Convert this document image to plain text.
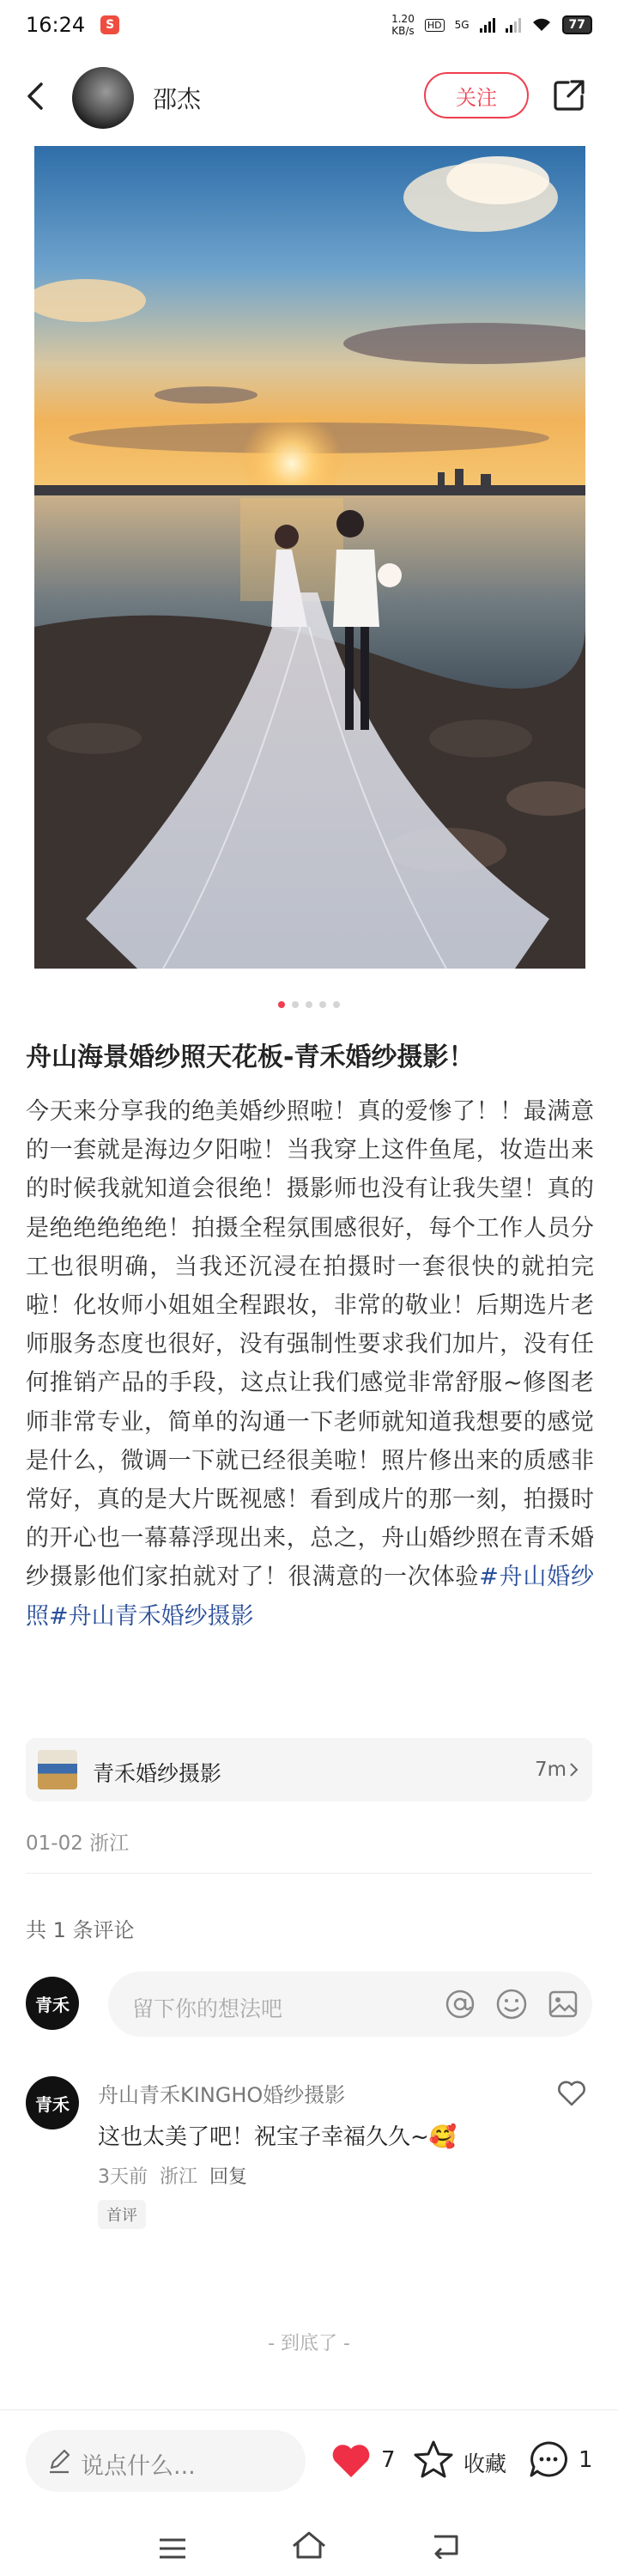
16:24	S	1.20
KB/s HD 5G	77
邵杰	关注
舟山海景婚纱照天花板-青禾婚纱摄影！
今天来分享我的绝美婚纱照啦！真的爱惨了！！最满意的一套就是海边夕阳啦！当我穿上这件鱼尾，妆造出来的时候我就知道会很绝！摄影师也没有让我失望！真的是绝绝绝绝绝！拍摄全程氛围感很好，每个工作人员分工也很明确，当我还沉浸在拍摄时一套很快的就拍完啦！化妆师小姐姐全程跟妆，非常的敬业！后期选片老师服务态度也很好，没有强制性要求我们加片，没有任何推销产品的手段，这点让我们感觉非常舒服~修图老师非常专业，简单的沟通一下老师就知道我想要的感觉是什么，微调一下就已经很美啦！照片修出来的质感非常好，真的是大片既视感！看到成片的那一刻，拍摄时的开心也一幕幕浮现出来，总之，舟山婚纱照在青禾婚纱摄影他们家拍就对了！很满意的一次体验#舟山婚纱照#舟山青禾婚纱摄影
青禾婚纱摄影	7m
01-02 浙江
共 1 条评论
青禾	留下你的想法吧
青禾	舟山青禾KINGHO婚纱摄影
这也太美了吧！祝宝子幸福久久~🥰
3天前 浙江 回复
首评
- 到底了 -
说点什么...	7	收藏	1
